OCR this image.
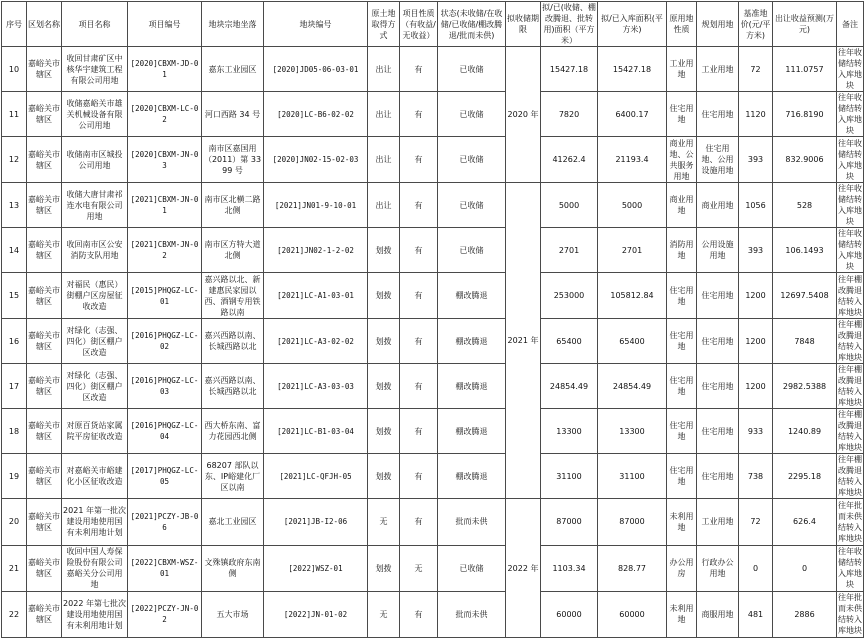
序号	区划名称	项目名称	项目编号	地块宗地坐落	地块编号	原土地取得方式	项目性质（有收益/无收益）	状态(未收储/在收储/已收储/棚改腾退/批而未供)	拟收储期限	拟/已(收储、棚改腾退、批转用)面积（平方米）	拟/已入库面积(平方米)	原用地性质	规划用地	基准地价(元/平方米)	出让收益预测(万元)	备注
10	嘉峪关市辖区	收回甘肃矿区中核华宇建筑工程有限公司用地	[2020]CBXM-JD-01	嘉东工业园区	[2020]JD05-06-03-01	出让	有	已收储	2020 年	15427.18	15427.18	工业用地	工业用地	72	111.0757	往年收储结转入库地块
11	嘉峪关市辖区	收储嘉峪关市雄关机械设备有限公司用地	[2020]CBXM-LC-02	河口西路 34 号	[2020]LC-B6-02-02	出让	有	已收储		7820	6400.17	住宅用地	住宅用地	1120	716.8190	往年收储结转入库地块
12	嘉峪关市辖区	收储南市区城投公司用地	[2020]CBXM-JN-03	南市区嘉国用（2011）第 3399 号	[2020]JN02-15-02-03	出让	有	已收储		41262.4	21193.4	商业用地、公共服务用地	住宅用地、公用设施用地	393	832.9006	往年收储结转入库地块
13	嘉峪关市辖区	收储大唐甘肃祁连水电有限公司用地	[2021]CBXM-JN-01	南市区北横二路北侧	[2021]JN01-9-10-01	出让	有	已收储	2021 年	5000	5000	商业用地	商业用地	1056	528	往年收储结转入库地块
14	嘉峪关市辖区	收回南市区公安消防支队用地	[2021]CBXM-JN-02	南市区方特大道北侧	[2021]JN02-1-2-02	划拨	有	已收储		2701	2701	消防用地	公用设施用地	393	106.1493	往年收储结转入库地块
15	嘉峪关市辖区	对福民（惠民）街棚户区房屋征收改造	[2015]PHQGZ-LC-01	嘉兴路以北、新建惠民家园以西、酒钢专用铁路以南	[2021]LC-A1-03-01	划拨	有	棚改腾退		253000	105812.84	住宅用地	住宅用地	1200	12697.5408	往年棚改腾退结转入库地块
16	嘉峪关市辖区	对绿化（志强、四化）街区棚户区改造	[2016]PHQGZ-LC-02	嘉兴西路以南、长城西路以北	[2021]LC-A3-02-02	划拨	有	棚改腾退		65400	65400	住宅用地	住宅用地	1200	7848	往年棚改腾退结转入库地块
17	嘉峪关市辖区	对绿化（志强、四化）街区棚户区改造	[2016]PHQGZ-LC-03	嘉兴西路以南、长城西路以北	[2021]LC-A3-03-03	划拨	有	棚改腾退		24854.49	24854.49	住宅用地	住宅用地	1200	2982.5388	往年棚改腾退结转入库地块
18	嘉峪关市辖区	对原百货站家属院平房征收改造	[2016]PHQGZ-LC-04	西大桥东南、富力花园西北侧	[2021]LC-B1-03-04	划拨	有	棚改腾退		13300	13300	住宅用地	住宅用地	933	1240.89	往年棚改腾退结转入库地块
19	嘉峪关市辖区	对嘉峪关市峪建化小区征收改造	[2017]PHQGZ-LC-05	68207 部队以东、IP峪建化厂区以南	[2021]LC-QFJH-05	划拨	有	棚改腾退		31100	31100	住宅用地	住宅用地	738	2295.18	往年棚改腾退结转入库地块
20	嘉峪关市辖区	2021 年第一批次建设用地使用国有未利用地计划	[2021]PCZY-JB-06	嘉北工业园区	[2021]JB-I2-06	无	有	批而未供	2022 年	87000	87000	未利用地	工业用地	72	626.4	往年批而未供结转入库地块
21	嘉峪关市辖区	收回中国人寿保险股份有限公司嘉峪关分公司用地	[2022]CBXM-WSZ-01	文殊镇政府东南侧	[2022]WSZ-01	划拨	无	已收储		1103.34	828.77	办公用房	行政办公用地	0	0	往年收储结转入库地块
22	嘉峪关市辖区	2022 年第七批次建设用地使用国有未利用地计划	[2022]PCZY-JN-02	五大市场	[2022]JN-01-02	无	有	批而未供		60000	60000	未利用地	商服用地	481	2886	往年批而未供结转入库地块
